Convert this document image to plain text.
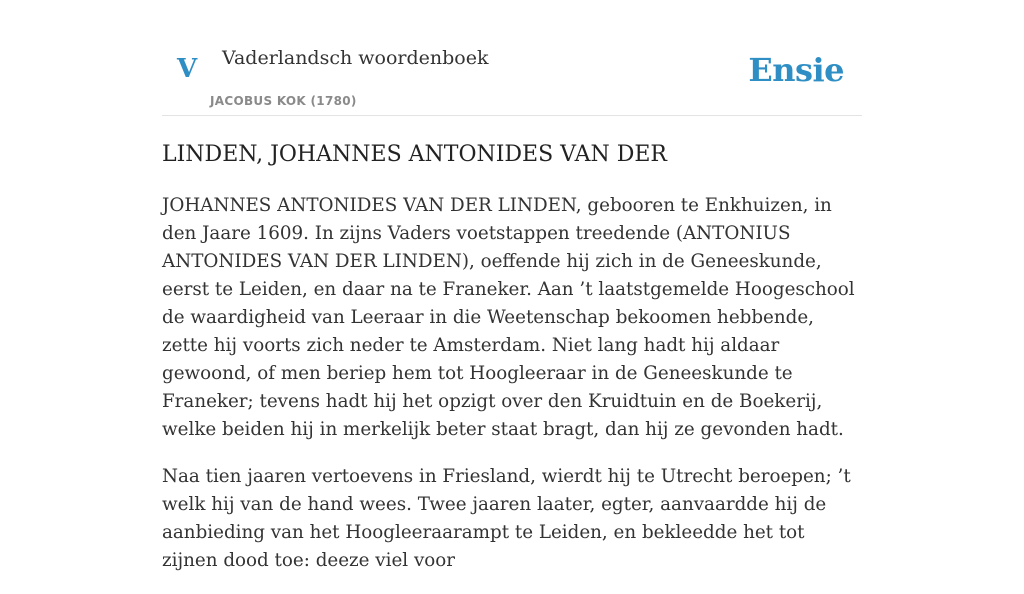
V Vaderlandsch woordenboek
JACOBUS KOK (1780)
Ensie
LINDEN, JOHANNES ANTONIDES VAN DER

JOHANNES ANTONIDES VAN DER LINDEN, gebooren te Enkhuizen, in den Jaare 1609. In zijns Vaders voetstappen treedende (ANTONIUS ANTONIDES VAN DER LINDEN), oeffende hij zich in de Geneeskunde, eerst te Leiden, en daar na te Franeker. Aan ’t laatstgemelde Hoogeschool de waardigheid van Leeraar in die Weetenschap bekoomen hebbende, zette hij voorts zich neder te Amsterdam. Niet lang hadt hij aldaar gewoond, of men beriep hem tot Hoogleeraar in de Geneeskunde te Franeker; tevens hadt hij het opzigt over den Kruidtuin en de Boekerij, welke beiden hij in merkelijk beter staat bragt, dan hij ze gevonden hadt.

Naa tien jaaren vertoevens in Friesland, wierdt hij te Utrecht beroepen; ’t welk hij van de hand wees. Twee jaaren laater, egter, aanvaardde hij de aanbieding van het Hoogleeraarampt te Leiden, en bekleedde het tot zijnen dood toe: deeze viel voor
